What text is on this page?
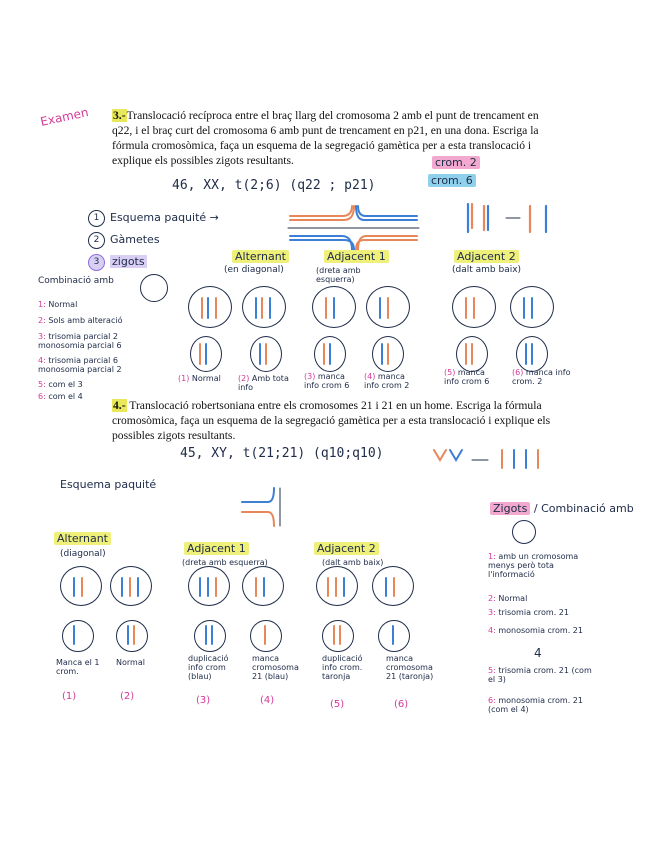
Examen 3.-Translocació recíproca entre el braç llarg del cromosoma 2 amb el punt de trencament en
q22, i el braç curt del cromosoma 6 amb punt de trencament en p21, en una dona. Escriga la
fórmula cromosòmica, faça un esquema de la segregació gamètica per a esta translocació i
explique els possibles zigots resultants.
46, XX, t(2;6) (q22 ; p21)
crom. 2
crom. 6
1 Esquema paquité →
2 Gàmetes
3	zigots	Alternant
(en diagonal)
Adjacent 1
(dreta amb esquerra)
Adjacent 2
(dalt amb baix)
Combinació amb
1: Normal
2: Sols amb alteració
3: trisomia parcial 2 monosomia parcial 6
4: trisomia parcial 6 monosomia parcial 2
5: com el 3
6: com el 4
(1) Normal (2) Amb tota info
(3) manca info crom 6
(4) manca info crom 2
(5) manca info crom 6
(6) manca info crom. 2
4.- Translocació robertsoniana entre els cromosomes 21 i 21 en un home. Escriga la fórmula
cromosòmica, faça un esquema de la segregació gamètica per a esta translocació i explique els
possibles zigots resultants.
45, XY, t(21;21) (q10;q10)
Esquema paquité
Zigots / Combinació amb
Alternant
(diagonal)	Adjacent 1
(dreta amb esquerra)
Adjacent 2
(dalt amb baix)
Manca el 1 crom.
(1)
Normal
(2)
duplicació info crom (blau)
(3)
manca cromosoma 21 (blau)
(4)
duplicació info crom. taronja
(5)
manca cromosoma 21 (taronja)
(6)
1: amb un cromosoma menys però tota l'informació
2: Normal
3: trisomia crom. 21
4: monosomia crom. 21
4
5: trisomia crom. 21 (com el 3)
6: monosomia crom. 21 (com el 4)
